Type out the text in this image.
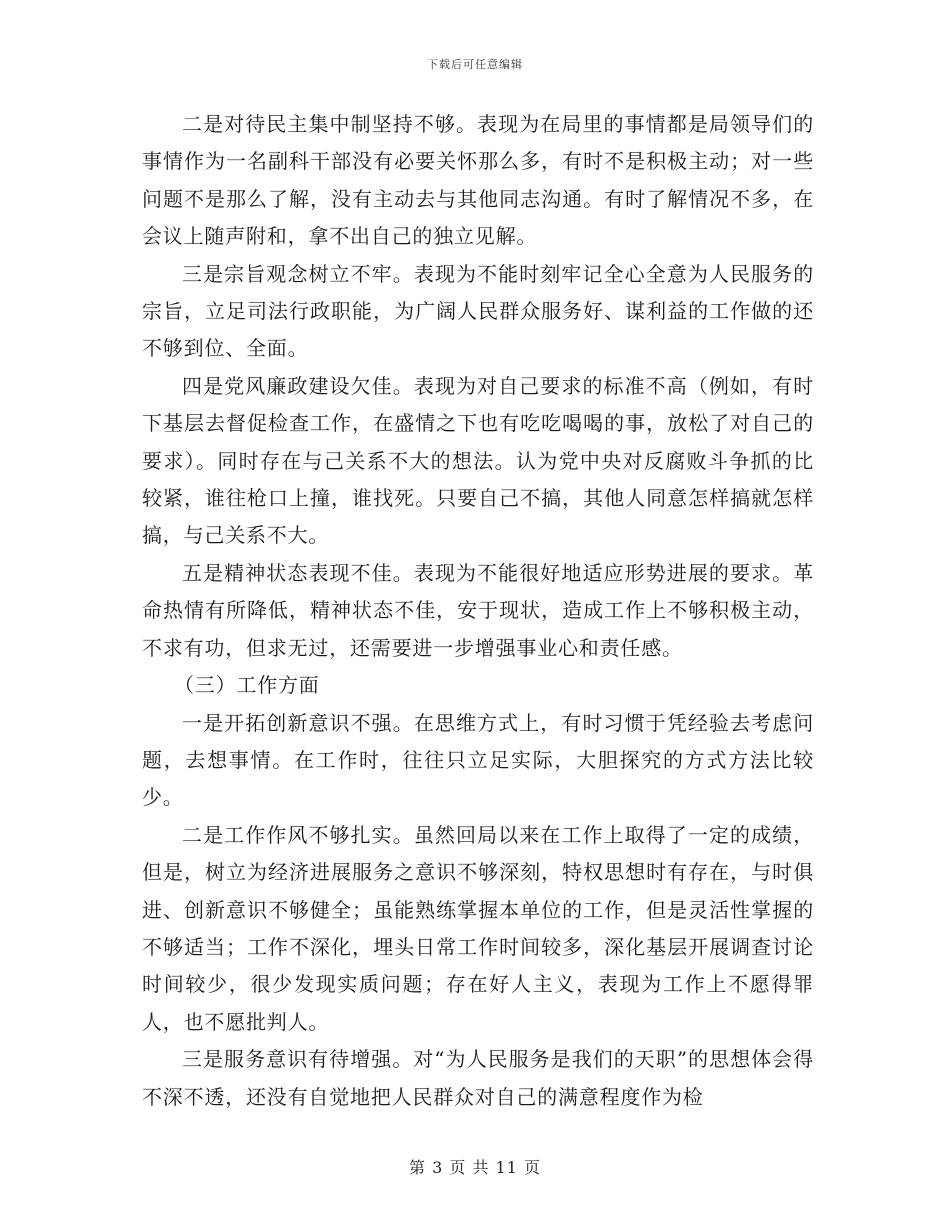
下载后可任意编辑

二是对待民主集中制坚持不够。表现为在局里的事情都是局领导们的事情作为一名副科干部没有必要关怀那么多，有时不是积极主动；对一些问题不是那么了解，没有主动去与其他同志沟通。有时了解情况不多，在会议上随声附和，拿不出自己的独立见解。

三是宗旨观念树立不牢。表现为不能时刻牢记全心全意为人民服务的宗旨，立足司法行政职能，为广阔人民群众服务好、谋利益的工作做的还不够到位、全面。

四是党风廉政建设欠佳。表现为对自己要求的标准不高（例如，有时下基层去督促检查工作，在盛情之下也有吃吃喝喝的事，放松了对自己的要求）。同时存在与己关系不大的想法。认为党中央对反腐败斗争抓的比较紧，谁往枪口上撞，谁找死。只要自己不搞，其他人同意怎样搞就怎样搞，与己关系不大。

五是精神状态表现不佳。表现为不能很好地适应形势进展的要求。革命热情有所降低，精神状态不佳，安于现状，造成工作上不够积极主动，不求有功，但求无过，还需要进一步增强事业心和责任感。

（三）工作方面

一是开拓创新意识不强。在思维方式上，有时习惯于凭经验去考虑问题，去想事情。在工作时，往往只立足实际，大胆探究的方式方法比较少。

二是工作作风不够扎实。虽然回局以来在工作上取得了一定的成绩，但是，树立为经济进展服务之意识不够深刻，特权思想时有存在，与时俱进、创新意识不够健全；虽能熟练掌握本单位的工作，但是灵活性掌握的不够适当；工作不深化，埋头日常工作时间较多，深化基层开展调查讨论时间较少，很少发现实质问题；存在好人主义，表现为工作上不愿得罪人，也不愿批判人。

三是服务意识有待增强。对“为人民服务是我们的天职”的思想体会得不深不透，还没有自觉地把人民群众对自己的满意程度作为检

第 3 页 共 11 页
